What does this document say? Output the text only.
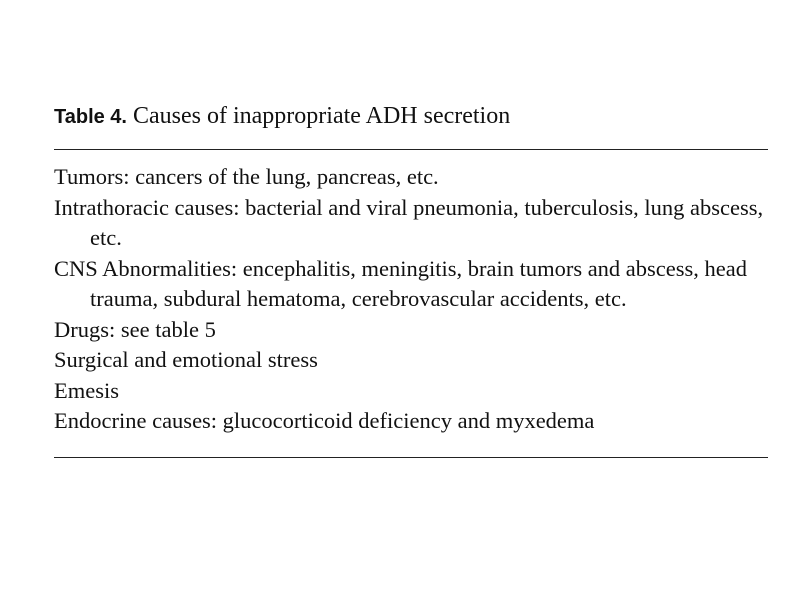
Table 4. Causes of inappropriate ADH secretion
Tumors: cancers of the lung, pancreas, etc.
Intrathoracic causes: bacterial and viral pneumonia, tuberculosis, lung abscess, etc.
CNS Abnormalities: encephalitis, meningitis, brain tumors and abscess, head trauma, subdural hematoma, cerebrovascular accidents, etc.
Drugs: see table 5
Surgical and emotional stress
Emesis
Endocrine causes: glucocorticoid deficiency and myxedema
